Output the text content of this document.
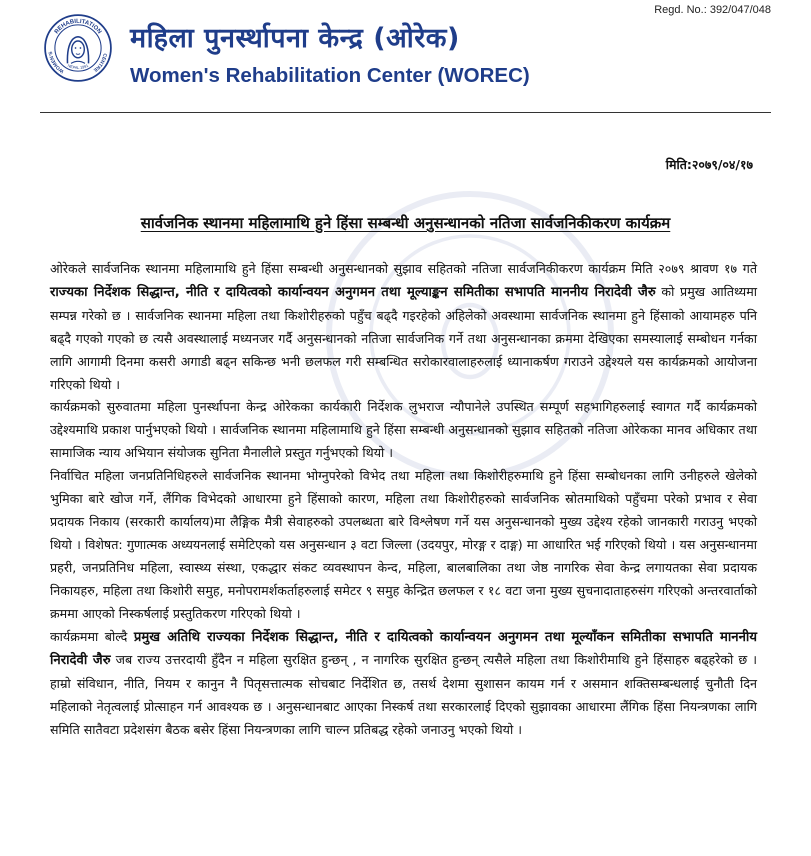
Regd. No.: 392/047/048
REHABILITATION
WOMEN'S	CENTRE
NEPAL 1991
महिला पुनर्स्थापना केन्द्र (ओरेक)
Women's Rehabilitation Center (WOREC)
मिति:२०७९/०४/१७
सार्वजनिक स्थानमा महिलामाथि हुने हिंसा सम्बन्धी अनुसन्धानको नतिजा सार्वजनिकीकरण कार्यक्रम

ओरेकले सार्वजनिक स्थानमा महिलामाथि हुने हिंसा सम्बन्धी अनुसन्धानको सुझाव सहितको नतिजा सार्वजनिकीकरण कार्यक्रम मिति २०७९ श्रावण १७ गते राज्यका निर्देशक सिद्धान्त, नीति र दायित्वको कार्यान्वयन अनुगमन तथा मूल्याङ्कन समितीका सभापति माननीय निरादेवी जैरु को प्रमुख आतिथ्यमा सम्पन्न गरेको छ । सार्वजनिक स्थानमा महिला तथा किशोरीहरुको पहुँच बढ्दै गइरहेको अहिलेको अवस्थामा सार्वजनिक स्थानमा हुने हिंसाको आयामहरु पनि बढ्दै गएको गएको छ त्यसै अवस्थालाई मध्यनजर गर्दै अनुसन्धानको नतिजा सार्वजनिक गर्ने तथा अनुसन्धानका क्रममा देखिएका समस्यालाई सम्बोधन गर्नका लागि आगामी दिनमा कसरी अगाडी बढ्न सकिन्छ भनी छलफल गरी सम्बन्धित सरोकारवालाहरुलाई ध्यानाकर्षण गराउने उद्देश्यले यस कार्यक्रमको आयोजना गरिएको थियो ।

कार्यक्रमको सुरुवातमा महिला पुनर्स्थापना केन्द्र ओरेकका कार्यकारी निर्देशक लुभराज न्यौपानेले उपस्थित सम्पूर्ण सहभागिहरुलाई स्वागत गर्दै कार्यक्रमको उद्देश्यमाथि प्रकाश पार्नुभएको थियो । सार्वजनिक स्थानमा महिलामाथि हुने हिंसा सम्बन्धी अनुसन्धानको सुझाव सहितको नतिजा ओरेकका मानव अधिकार तथा सामाजिक न्याय अभियान संयोजक सुनिता मैनालीले प्रस्तुत गर्नुभएको थियो ।

निर्वाचित महिला जनप्रतिनिधिहरुले सार्वजनिक स्थानमा भोग्नुपरेको विभेद तथा महिला तथा किशोरीहरुमाथि हुने हिंसा सम्बोधनका लागि उनीहरुले खेलेको भुमिका बारे खोज गर्ने, लैंगिक विभेदको आधारमा हुने हिंसाको कारण, महिला तथा किशोरीहरुको सार्वजनिक स्रोतमाथिको पहुँचमा परेको प्रभाव र सेवा प्रदायक निकाय (सरकारी कार्यालय)मा लैङ्गिक मैत्री सेवाहरुको उपलब्धता बारे विश्लेषण गर्ने यस अनुसन्धानको मुख्य उद्देश्य रहेको जानकारी गराउनु भएको थियो । विशेषत: गुणात्मक अध्ययनलाई समेटिएको यस अनुसन्धान ३ वटा जिल्ला (उदयपुर, मोरङ्ग र दाङ्ग) मा आधारित भई गरिएको थियो । यस अनुसन्धानमा प्रहरी, जनप्रतिनिध महिला, स्वास्थ्य संस्था, एकद्धार संकट व्यवस्थापन केन्द, महिला, बालबालिका तथा जेष्ठ नागरिक सेवा केन्द्र लगायतका सेवा प्रदायक निकायहरु, महिला तथा किशोरी समुह, मनोपरामर्शकर्ताहरुलाई समेटर ९ समुह केन्द्रित छलफल र १८ वटा जना मुख्य सुचनादाताहरुसंग गरिएको अन्तरवार्ताको क्रममा आएको निस्कर्षलाई प्रस्तुतिकरण गरिएको थियो ।

कार्यक्रममा बोल्दै प्रमुख अतिथि राज्यका निर्देशक सिद्धान्त, नीति र दायित्वको कार्यान्वयन अनुगमन तथा मूल्याँकन समितीका सभापति माननीय निरादेवी जैरु जब राज्य उत्तरदायी हुँदैन न महिला सुरक्षित हुन्छन् , न नागरिक सुरक्षित हुन्छन् त्यसैले महिला तथा किशोरीमाथि हुने हिंसाहरु बढ्हरेको छ । हाम्रो संविधान, नीति, नियम र कानुन नै पितृसत्तात्मक सोचबाट निर्देशित छ, तसर्थ देशमा सुशासन कायम गर्न र असमान शक्तिसम्बन्धलाई चुनौती दिन महिलाको नेतृत्वलाई प्रोत्साहन गर्न आवश्यक छ । अनुसन्धानबाट आएका निस्कर्ष तथा सरकारलाई दिएको सुझावका आधारमा लैंगिक हिंसा नियन्त्रणका लागि समिति सातैवटा प्रदेशसंग बैठक बसेर हिंसा नियन्त्रणका लागि चाल्न प्रतिबद्ध रहेको जनाउनु भएको थियो ।
